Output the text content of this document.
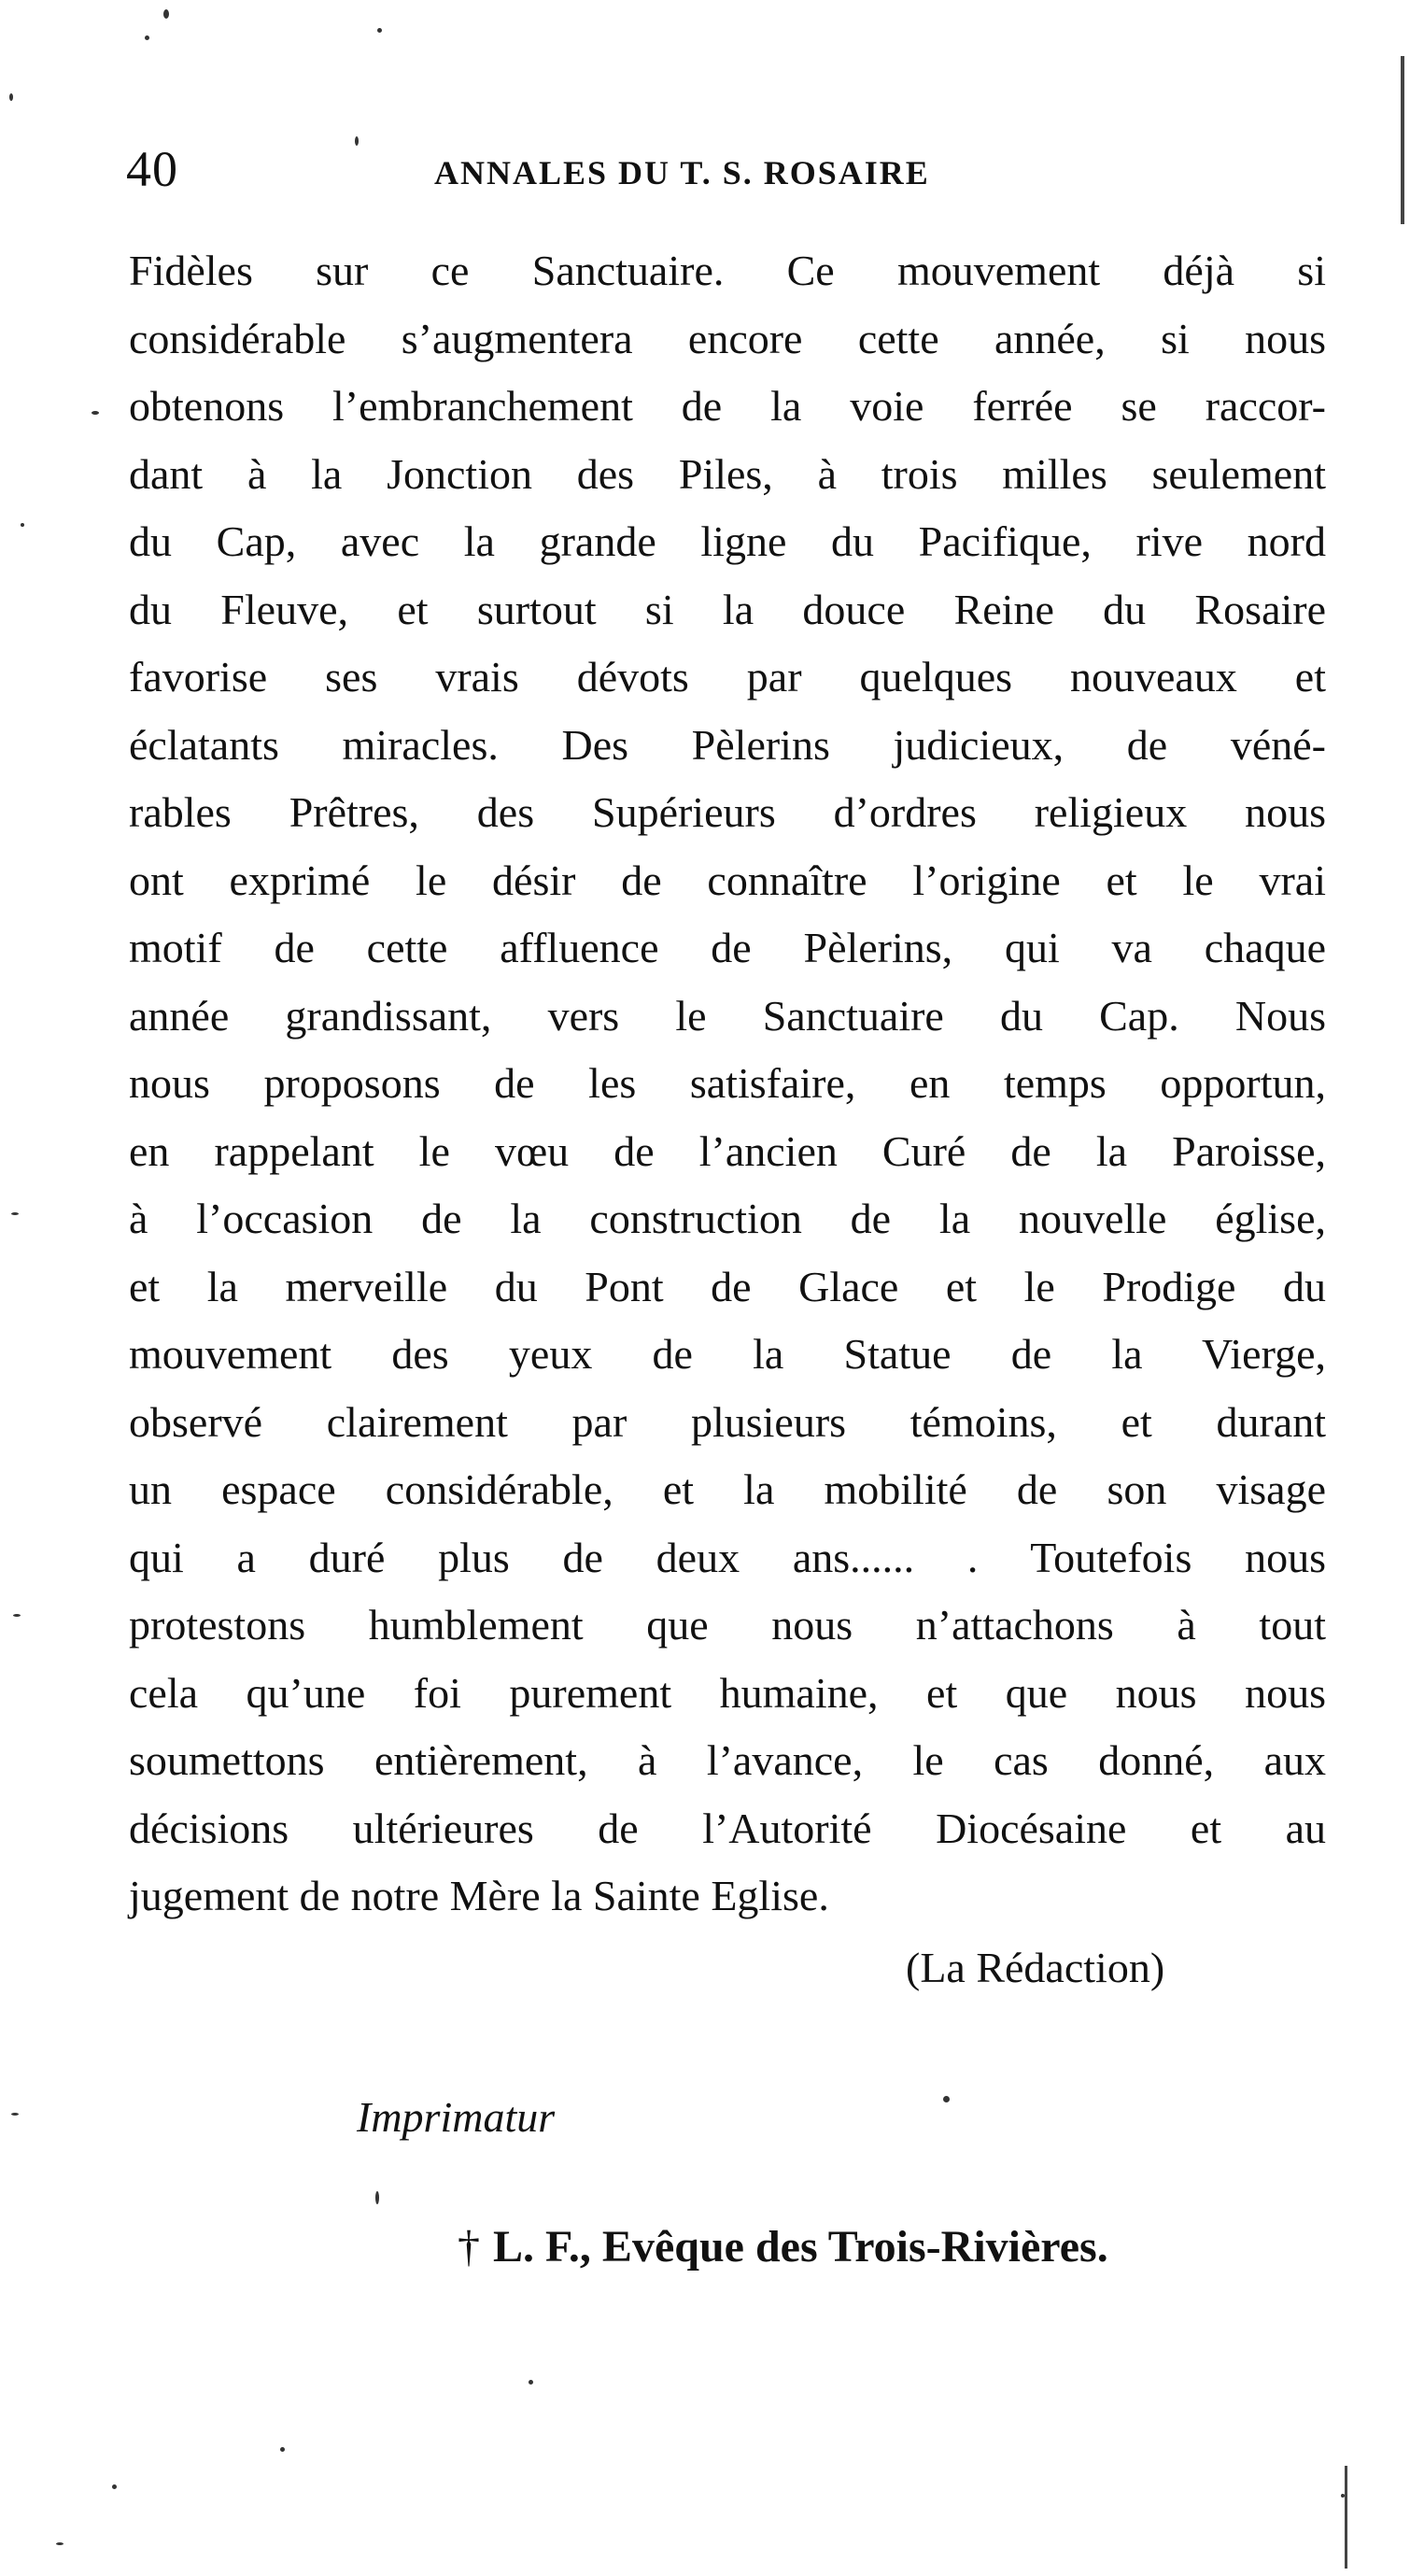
40	ANNALES DU T. S. ROSAIRE
Fidèles sur ce Sanctuaire. Ce mouvement déjà si
considérable s’augmentera encore cette année, si nous
obtenons l’embranchement de la voie ferrée se raccor-
dant à la Jonction des Piles, à trois milles seulement
du Cap, avec la grande ligne du Pacifique, rive nord
du Fleuve, et surtout si la douce Reine du Rosaire
favorise ses vrais dévots par quelques nouveaux et
éclatants miracles. Des Pèlerins judicieux, de véné-
rables Prêtres, des Supérieurs d’ordres religieux nous
ont exprimé le désir de connaître l’origine et le vrai
motif de cette affluence de Pèlerins, qui va chaque
année grandissant, vers le Sanctuaire du Cap. Nous
nous proposons de les satisfaire, en temps opportun,
en rappelant le vœu de l’ancien Curé de la Paroisse,
à l’occasion de la construction de la nouvelle église,
et la merveille du Pont de Glace et le Prodige du
mouvement des yeux de la Statue de la Vierge,
observé clairement par plusieurs témoins, et durant
un espace considérable, et la mobilité de son visage
qui a duré plus de deux ans...... . Toutefois nous
protestons humblement que nous n’attachons à tout
cela qu’une foi purement humaine, et que nous nous
soumettons entièrement, à l’avance, le cas donné, aux
décisions ultérieures de l’Autorité Diocésaine et au
jugement de notre Mère la Sainte Eglise.
(La Rédaction)
Imprimatur
† L. F., Evêque des Trois-Rivières.
